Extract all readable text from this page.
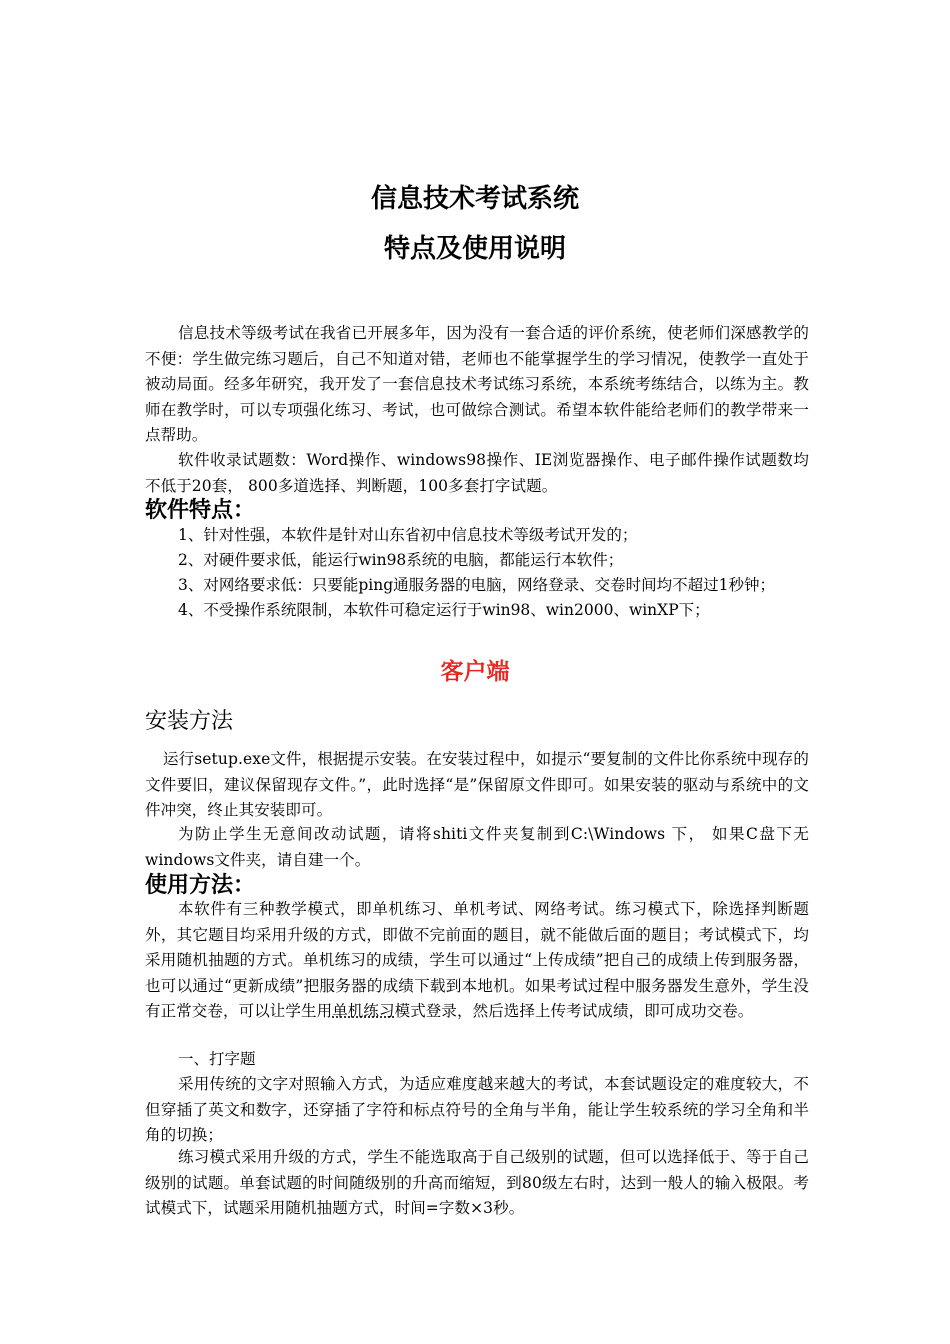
信息技术考试系统
特点及使用说明
信息技术等级考试在我省已开展多年，因为没有一套合适的评价系统，使老师们深感教学的不便：学生做完练习题后，自己不知道对错，老师也不能掌握学生的学习情况，使教学一直处于被动局面。经多年研究，我开发了一套信息技术考试练习系统，本系统考练结合，以练为主。教师在教学时，可以专项强化练习、考试，也可做综合测试。希望本软件能给老师们的教学带来一点帮助。
软件收录试题数：Word操作、windows98操作、IE浏览器操作、电子邮件操作试题数均不低于20套， 800多道选择、判断题，100多套打字试题。
软件特点：
1、针对性强，本软件是针对山东省初中信息技术等级考试开发的；
2、对硬件要求低，能运行win98系统的电脑，都能运行本软件；
3、对网络要求低：只要能ping通服务器的电脑，网络登录、交卷时间均不超过1秒钟；
4、不受操作系统限制，本软件可稳定运行于win98、win2000、winXP下；
客户端
安装方法
运行setup.exe文件，根据提示安装。在安装过程中，如提示“要复制的文件比你系统中现存的文件要旧，建议保留现存文件。”，此时选择“是”保留原文件即可。如果安装的驱动与系统中的文件冲突，终止其安装即可。
为防止学生无意间改动试题，请将shiti文件夹复制到C:\Windows 下， 如果C盘下无windows文件夹，请自建一个。
使用方法：
本软件有三种教学模式，即单机练习、单机考试、网络考试。练习模式下，除选择判断题外，其它题目均采用升级的方式，即做不完前面的题目，就不能做后面的题目；考试模式下，均采用随机抽题的方式。单机练习的成绩，学生可以通过“上传成绩”把自己的成绩上传到服务器，也可以通过“更新成绩”把服务器的成绩下载到本地机。如果考试过程中服务器发生意外，学生没有正常交卷，可以让学生用单机练习模式登录，然后选择上传考试成绩，即可成功交卷。
一、打字题
采用传统的文字对照输入方式，为适应难度越来越大的考试，本套试题设定的难度较大，不但穿插了英文和数字，还穿插了字符和标点符号的全角与半角，能让学生较系统的学习全角和半角的切换；
练习模式采用升级的方式，学生不能选取高于自己级别的试题，但可以选择低于、等于自己级别的试题。单套试题的时间随级别的升高而缩短，到80级左右时，达到一般人的输入极限。考试模式下，试题采用随机抽题方式，时间=字数×3秒。
